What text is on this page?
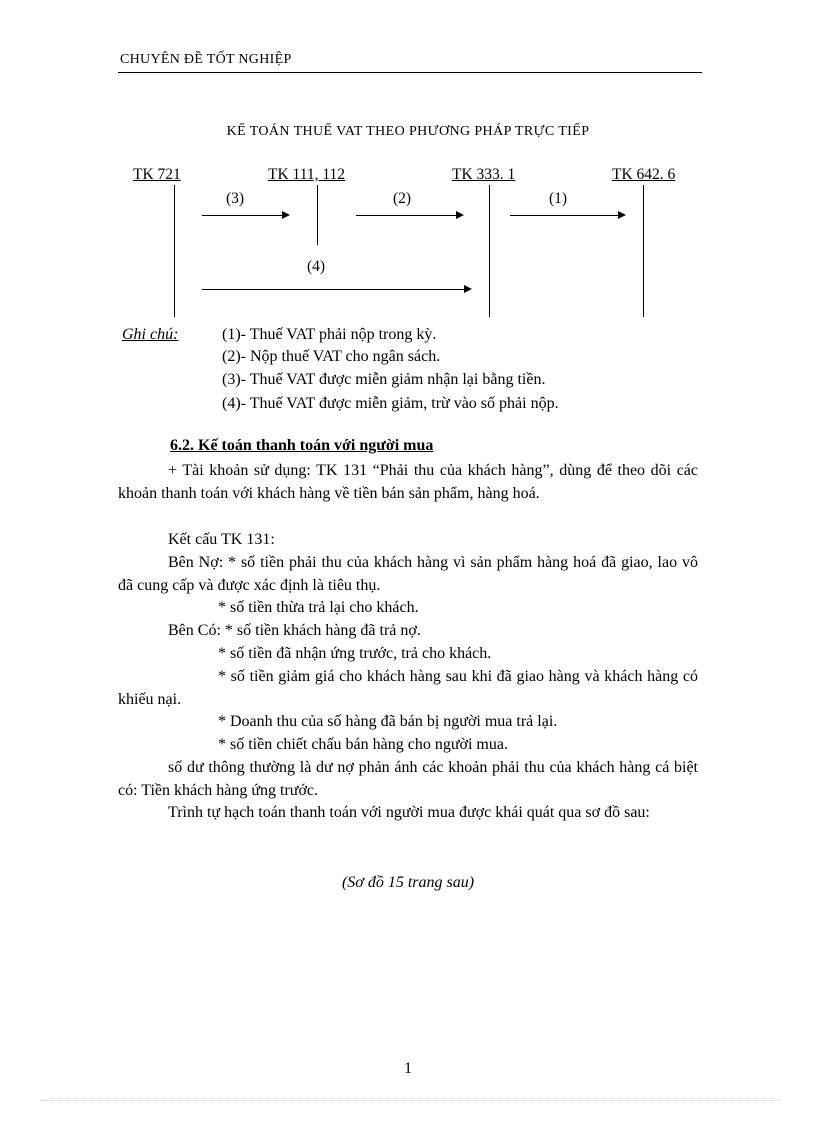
CHUYÊN ĐỀ TỐT NGHIỆP
KẾ TOÁN THUẾ VAT THEO PHƯƠNG PHÁP TRỰC TIẾP
TK 721	TK 111, 112	TK 333. 1	TK 642. 6
(3)	(2)	(1)
(4)
Ghi chú:	(1)- Thuế VAT phải nộp trong kỳ.
(2)- Nộp thuế VAT cho ngân sách.
(3)- Thuế VAT được miễn giảm nhận lại bằng tiền.
(4)- Thuế VAT được miễn giảm, trừ vào số phải nộp.
6.2. Kế toán thanh toán với người mua
+ Tài khoản sử dụng: TK 131 “Phải thu của khách hàng”, dùng để theo dõi các khoản thanh toán với khách hàng về tiền bán sản phẩm, hàng hoá.
Kết cấu TK 131:
Bên Nợ: * số tiền phải thu của khách hàng vì sản phẩm hàng hoá đã giao, lao vô đã cung cấp và được xác định là tiêu thụ.
* số tiền thừa trả lại cho khách.
Bên Có: * số tiền khách hàng đã trả nợ.
* số tiền đã nhận ứng trước, trả cho khách.
* số tiền giảm giá cho khách hàng sau khi đã giao hàng và khách hàng có khiếu nại.
* Doanh thu của số hàng đã bán bị người mua trả lại.
* số tiền chiết chấu bán hàng cho người mua.
số dư thông thường là dư nợ phản ánh các khoản phải thu của khách hàng cá biệt có: Tiền khách hàng ứng trước.
Trình tự hạch toán thanh toán với người mua được khái quát qua sơ đồ sau:
(Sơ đồ 15 trang sau)
1
